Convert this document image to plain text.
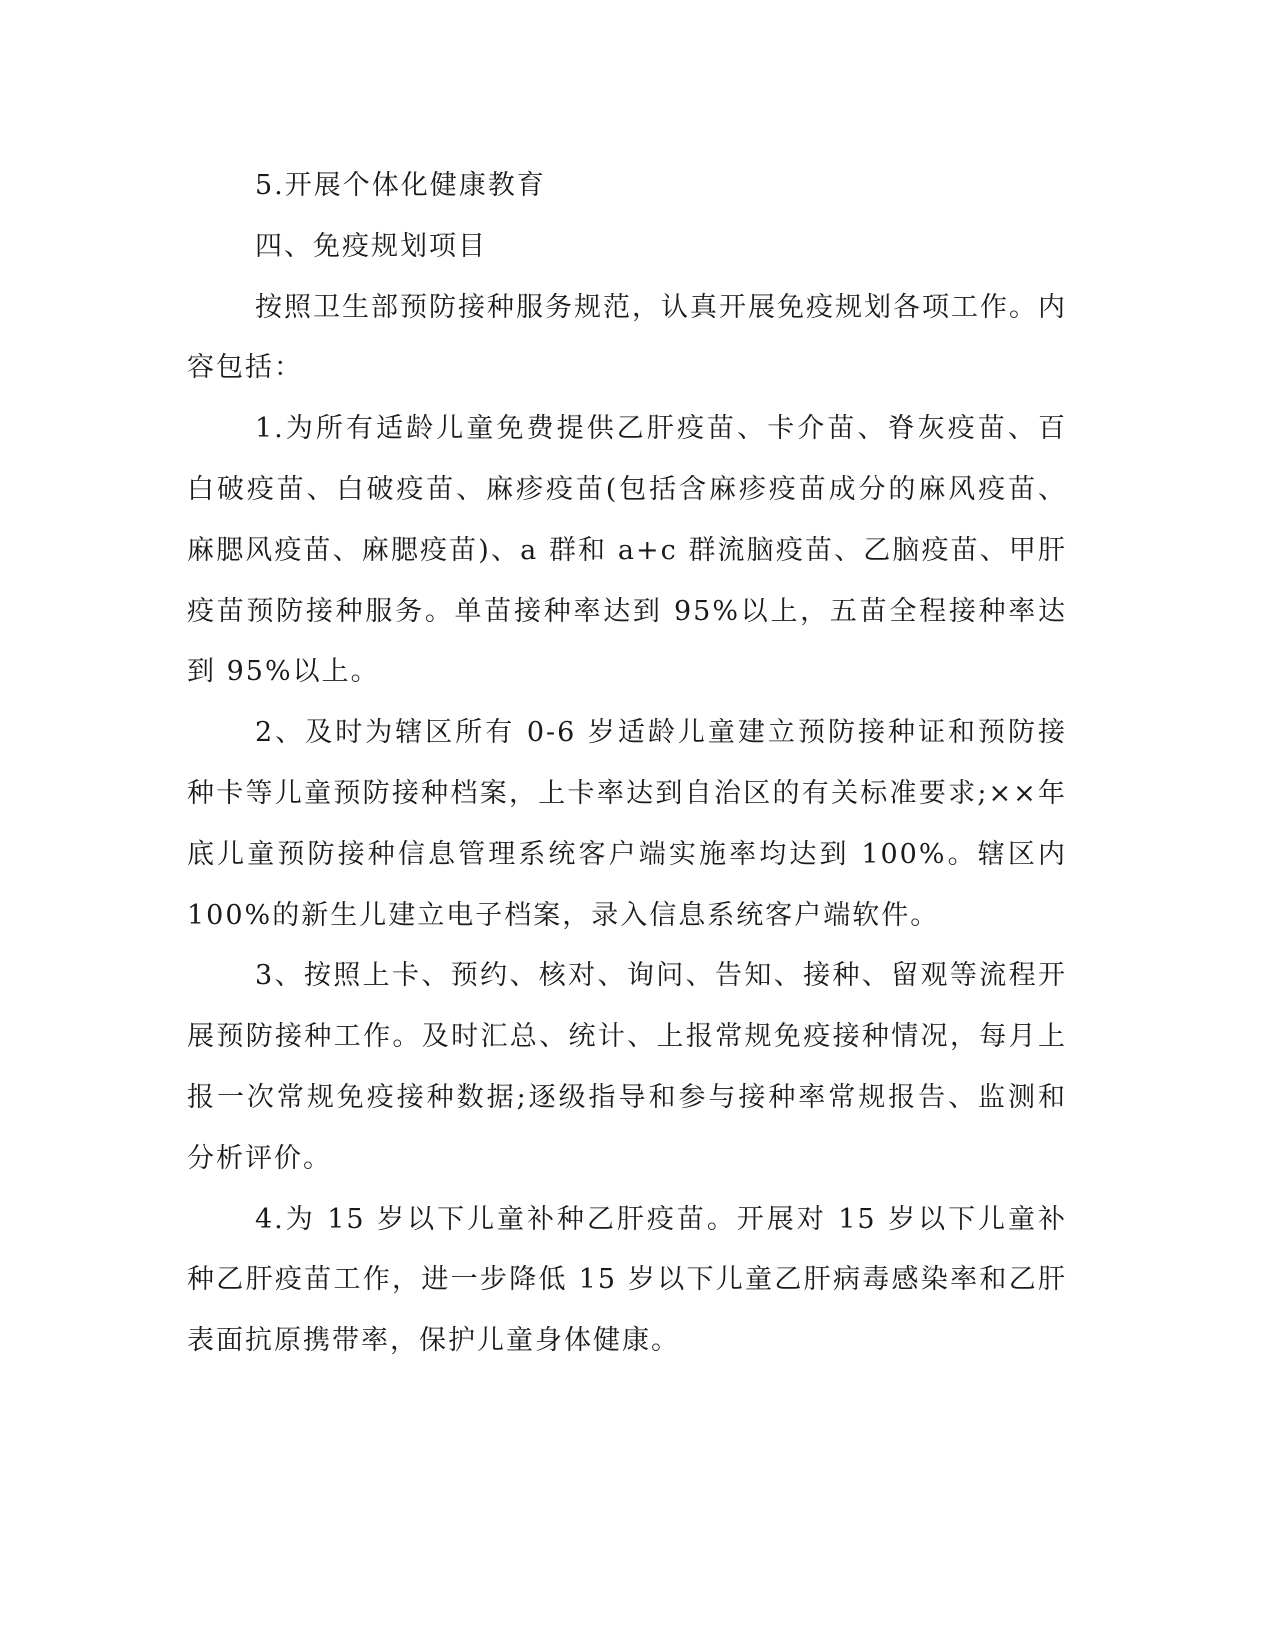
5.开展个体化健康教育

四、免疫规划项目

按照卫生部预防接种服务规范，认真开展免疫规划各项工作。内容包括：

1.为所有适龄儿童免费提供乙肝疫苗、卡介苗、脊灰疫苗、百白破疫苗、白破疫苗、麻疹疫苗(包括含麻疹疫苗成分的麻风疫苗、麻腮风疫苗、麻腮疫苗)、a 群和 a+c 群流脑疫苗、乙脑疫苗、甲肝疫苗预防接种服务。单苗接种率达到 95%以上，五苗全程接种率达到 95%以上。

2、及时为辖区所有 0-6 岁适龄儿童建立预防接种证和预防接种卡等儿童预防接种档案，上卡率达到自治区的有关标准要求;××年底儿童预防接种信息管理系统客户端实施率均达到 100%。辖区内 100%的新生儿建立电子档案，录入信息系统客户端软件。

3、按照上卡、预约、核对、询问、告知、接种、留观等流程开展预防接种工作。及时汇总、统计、上报常规免疫接种情况，每月上报一次常规免疫接种数据;逐级指导和参与接种率常规报告、监测和分析评价。

4.为 15 岁以下儿童补种乙肝疫苗。开展对 15 岁以下儿童补种乙肝疫苗工作，进一步降低 15 岁以下儿童乙肝病毒感染率和乙肝表面抗原携带率，保护儿童身体健康。
